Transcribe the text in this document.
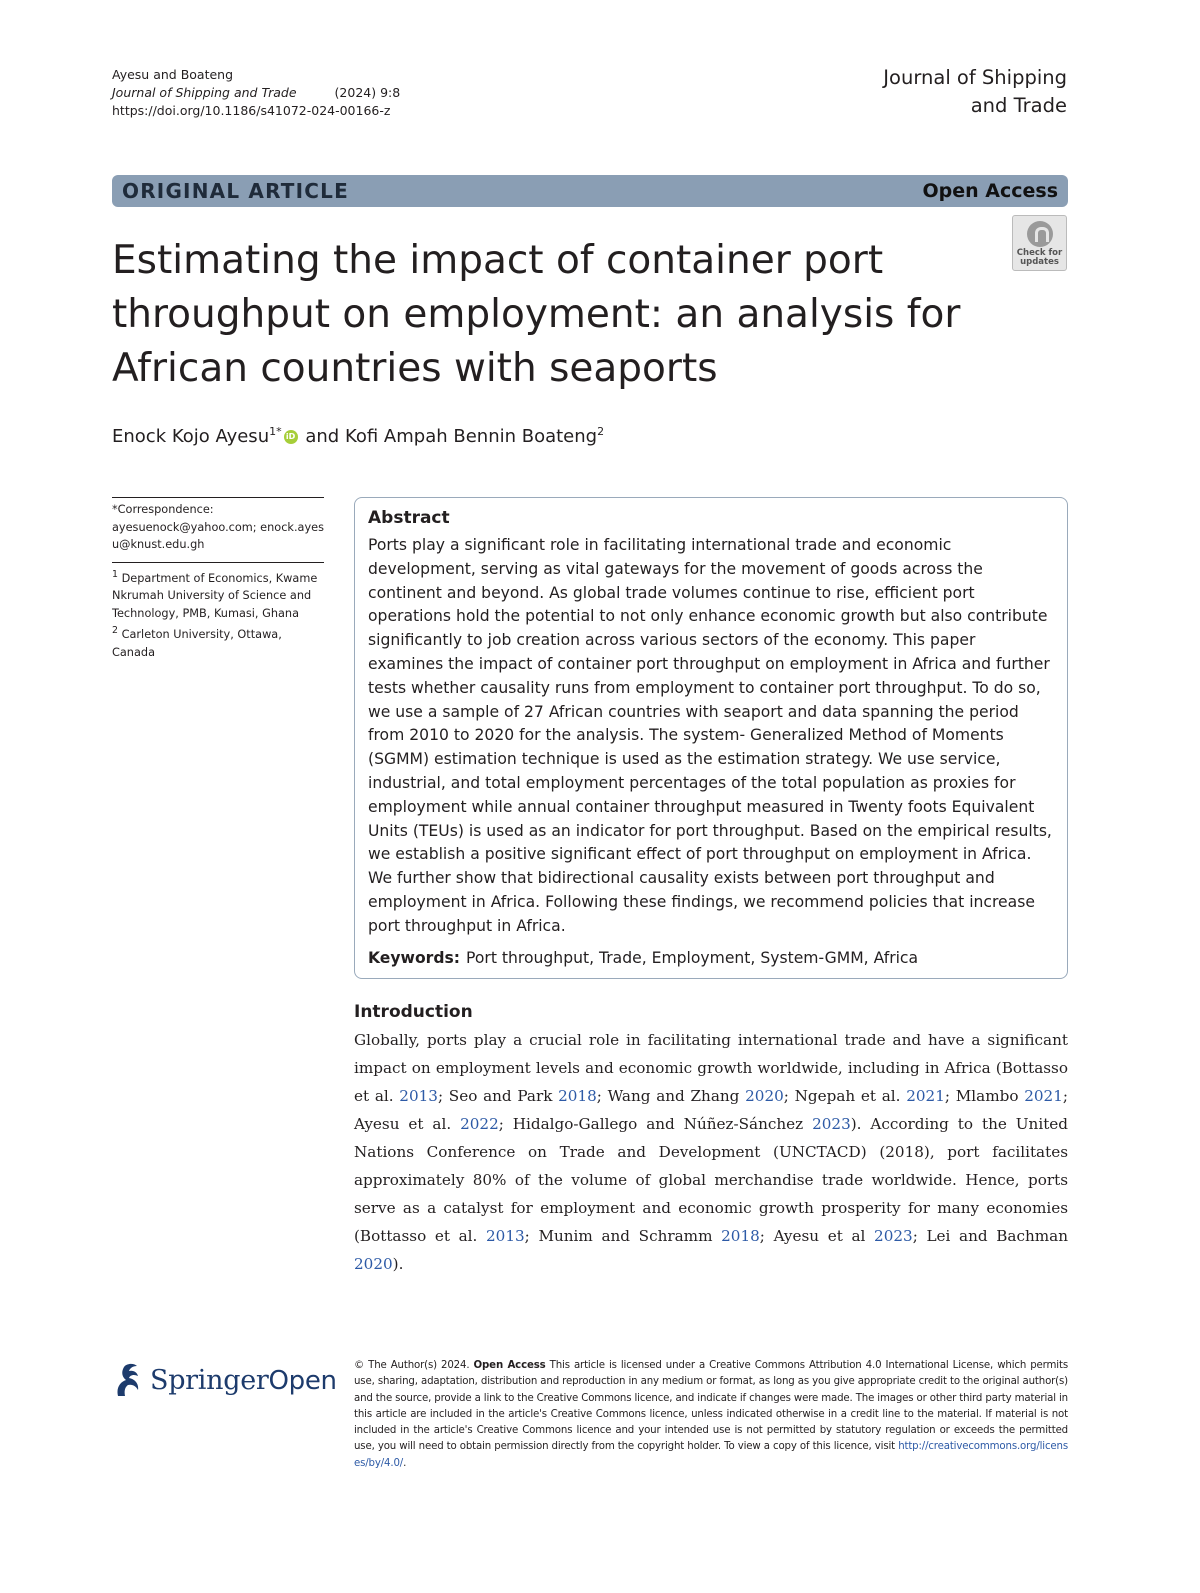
Ayesu and Boateng
Journal of Shipping and Trade	(2024) 9:8
https://doi.org/10.1186/s41072-024-00166-z
Journal of Shipping
and Trade
ORIGINAL ARTICLE	Open Access
Check for
updates
Estimating the impact of container port throughput on employment: an analysis for African countries with seaports
Enock Kojo Ayesu$^{1*}$ iD and Kofi Ampah Bennin Boateng$^2$
*Correspondence:
ayesuenock@yahoo.com; enock.ayesu@knust.edu.gh
$^1$ Department of Economics, Kwame Nkrumah University of Science and Technology, PMB, Kumasi, Ghana
$^2$ Carleton University, Ottawa, Canada
Abstract
Ports play a significant role in facilitating international trade and economic development, serving as vital gateways for the movement of goods across the continent and beyond. As global trade volumes continue to rise, efficient port operations hold the potential to not only enhance economic growth but also contribute significantly to job creation across various sectors of the economy. This paper examines the impact of container port throughput on employment in Africa and further tests whether causality runs from employment to container port throughput. To do so, we use a sample of 27 African countries with seaport and data spanning the period from 2010 to 2020 for the analysis. The system- Generalized Method of Moments (SGMM) estimation technique is used as the estimation strategy. We use service, industrial, and total employment percentages of the total population as proxies for employment while annual container throughput measured in Twenty foots Equivalent Units (TEUs) is used as an indicator for port throughput. Based on the empirical results, we establish a positive significant effect of port throughput on employment in Africa. We further show that bidirectional causality exists between port throughput and employment in Africa. Following these findings, we recommend policies that increase port throughput in Africa.
Keywords: Port throughput, Trade, Employment, System-GMM, Africa
Introduction
Globally, ports play a crucial role in facilitating international trade and have a significant impact on employment levels and economic growth worldwide, including in Africa (Bottasso et al. 2013; Seo and Park 2018; Wang and Zhang 2020; Ngepah et al. 2021; Mlambo 2021; Ayesu et al. 2022; Hidalgo-Gallego and Núñez-Sánchez 2023). According to the United Nations Conference on Trade and Development (UNCTACD) (2018), port facilitates approximately 80% of the volume of global merchandise trade worldwide. Hence, ports serve as a catalyst for employment and economic growth prosperity for many economies (Bottasso et al. 2013; Munim and Schramm 2018; Ayesu et al 2023; Lei and Bachman 2020).
SpringerOpen © The Author(s) 2024. Open Access This article is licensed under a Creative Commons Attribution 4.0 International License, which permits use, sharing, adaptation, distribution and reproduction in any medium or format, as long as you give appropriate credit to the original author(s) and the source, provide a link to the Creative Commons licence, and indicate if changes were made. The images or other third party material in this article are included in the article's Creative Commons licence, unless indicated otherwise in a credit line to the material. If material is not included in the article's Creative Commons licence and your intended use is not permitted by statutory regulation or exceeds the permitted use, you will need to obtain permission directly from the copyright holder. To view a copy of this licence, visit http://creativecommons.org/licenses/by/4.0/.
